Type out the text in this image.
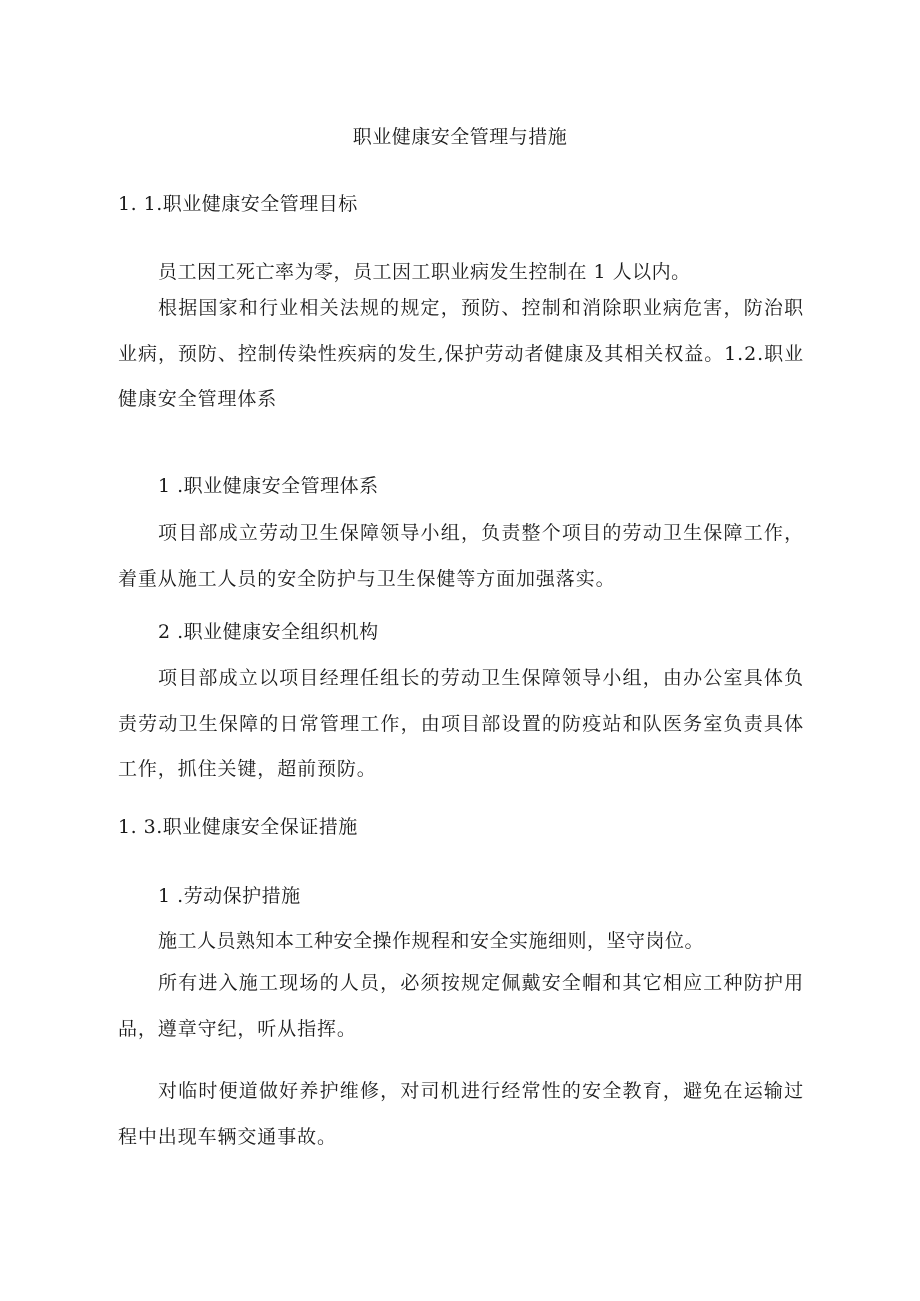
职业健康安全管理与措施
1. 1.职业健康安全管理目标
员工因工死亡率为零，员工因工职业病发生控制在 1 人以内。
根据国家和行业相关法规的规定，预防、控制和消除职业病危害，防治职业病，预防、控制传染性疾病的发生,保护劳动者健康及其相关权益。1.2.职业健康安全管理体系
1 .职业健康安全管理体系
项目部成立劳动卫生保障领导小组，负责整个项目的劳动卫生保障工作，着重从施工人员的安全防护与卫生保健等方面加强落实。
2 .职业健康安全组织机构
项目部成立以项目经理任组长的劳动卫生保障领导小组，由办公室具体负责劳动卫生保障的日常管理工作，由项目部设置的防疫站和队医务室负责具体工作，抓住关键，超前预防。
1. 3.职业健康安全保证措施
1 .劳动保护措施
施工人员熟知本工种安全操作规程和安全实施细则，坚守岗位。
所有进入施工现场的人员，必须按规定佩戴安全帽和其它相应工种防护用品，遵章守纪，听从指挥。
对临时便道做好养护维修，对司机进行经常性的安全教育，避免在运输过程中出现车辆交通事故。
